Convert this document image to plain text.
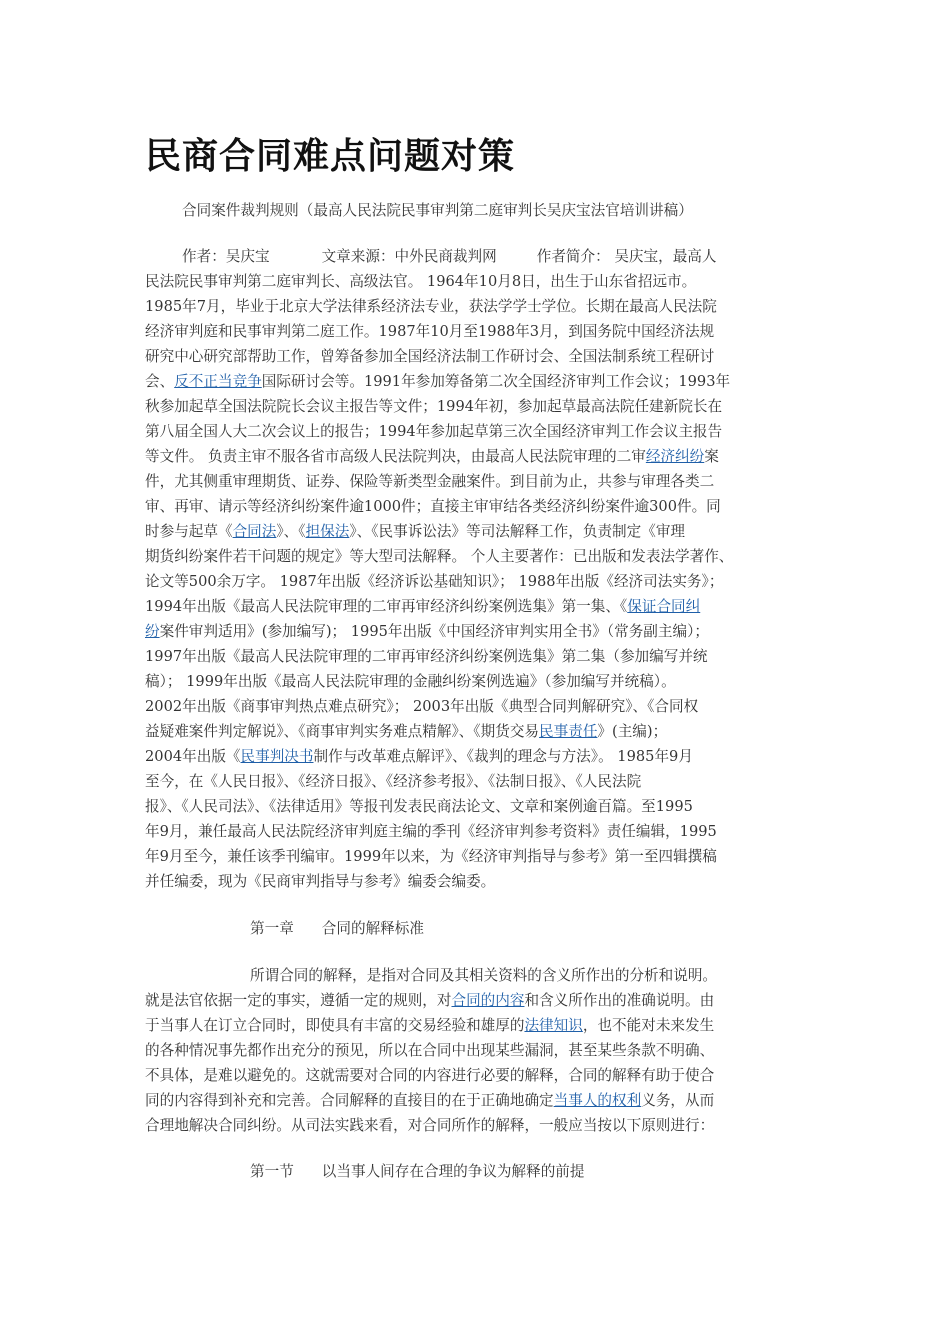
民商合同难点问题对策
合同案件裁判规则（最高人民法院民事审判第二庭审判长吴庆宝法官培训讲稿）
作者：吴庆宝	文章来源：中外民商裁判网	作者简介： 吴庆宝，最高人
民法院民事审判第二庭审判长、高级法官。 1964年10月8日，出生于山东省招远市。
1985年7月，毕业于北京大学法律系经济法专业，获法学学士学位。长期在最高人民法院
经济审判庭和民事审判第二庭工作。1987年10月至1988年3月，到国务院中国经济法规
研究中心研究部帮助工作，曾筹备参加全国经济法制工作研讨会、全国法制系统工程研讨
会、反不正当竞争国际研讨会等。1991年参加筹备第二次全国经济审判工作会议；1993年
秋参加起草全国法院院长会议主报告等文件；1994年初，参加起草最高法院任建新院长在
第八届全国人大二次会议上的报告；1994年参加起草第三次全国经济审判工作会议主报告
等文件。 负责主审不服各省市高级人民法院判决，由最高人民法院审理的二审经济纠纷案
件，尤其侧重审理期货、证券、保险等新类型金融案件。到目前为止，共参与审理各类二
审、再审、请示等经济纠纷案件逾1000件；直接主审审结各类经济纠纷案件逾300件。同
时参与起草《合同法》、《担保法》、《民事诉讼法》等司法解释工作，负责制定《审理
期货纠纷案件若干问题的规定》等大型司法解释。 个人主要著作：已出版和发表法学著作、
论文等500余万字。 1987年出版《经济诉讼基础知识》； 1988年出版《经济司法实务》；
1994年出版《最高人民法院审理的二审再审经济纠纷案例选集》第一集、《保证合同纠
纷案件审判适用》(参加编写)； 1995年出版《中国经济审判实用全书》（常务副主编）；
1997年出版《最高人民法院审理的二审再审经济纠纷案例选集》第二集（参加编写并统
稿）； 1999年出版《最高人民法院审理的金融纠纷案例选遍》（参加编写并统稿）。
2002年出版《商事审判热点难点研究》； 2003年出版《典型合同判解研究》、《合同权
益疑难案件判定解说》、《商事审判实务难点精解》、《期货交易民事责任》(主编)；
2004年出版《民事判决书制作与改革难点解评》、《裁判的理念与方法》。 1985年9月
至今，在《人民日报》、《经济日报》、《经济参考报》、《法制日报》、《人民法院
报》、《人民司法》、《法律适用》等报刊发表民商法论文、文章和案例逾百篇。至1995
年9月，兼任最高人民法院经济审判庭主编的季刊《经济审判参考资料》责任编辑，1995
年9月至今，兼任该季刊编审。1999年以来，为《经济审判指导与参考》第一至四辑撰稿
并任编委，现为《民商审判指导与参考》编委会编委。
第一章 合同的解释标准
所谓合同的解释，是指对合同及其相关资料的含义所作出的分析和说明。
就是法官依据一定的事实，遵循一定的规则，对合同的内容和含义所作出的准确说明。由
于当事人在订立合同时，即使具有丰富的交易经验和雄厚的法律知识，也不能对未来发生
的各种情况事先都作出充分的预见，所以在合同中出现某些漏洞，甚至某些条款不明确、
不具体，是难以避免的。这就需要对合同的内容进行必要的解释，合同的解释有助于使合
同的内容得到补充和完善。合同解释的直接目的在于正确地确定当事人的权利义务，从而
合理地解决合同纠纷。从司法实践来看，对合同所作的解释，一般应当按以下原则进行：
第一节 以当事人间存在合理的争议为解释的前提
